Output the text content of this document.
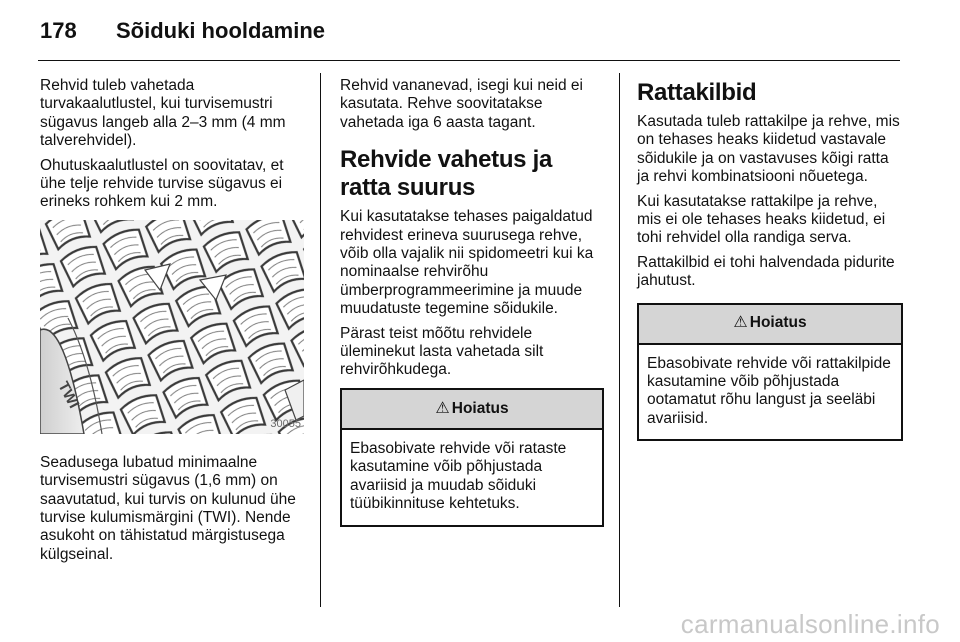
178 Sõiduki hooldamine

Rehvid tuleb vahetada turvakaalutlustel, kui turvisemustri sügavus langeb alla 2–3 mm (4 mm talverehvidel).

Ohutuskaalutlustel on soovitatav, et ühe telje rehvide turvise sügavus ei erineks rohkem kui 2 mm.

TWI
30055

Seadusega lubatud minimaalne turvisemustri sügavus (1,6 mm) on saavutatud, kui turvis on kulunud ühe turvise kulumismärgini (TWI). Nende asukoht on tähistatud märgistusega külgseinal.

Rehvid vananevad, isegi kui neid ei kasutata. Rehve soovitatakse vahetada iga 6 aasta tagant.

Rehvide vahetus ja ratta suurus

Kui kasutatakse tehases paigaldatud rehvidest erineva suurusega rehve, võib olla vajalik nii spidomeetri kui ka nominaalse rehvirõhu ümberprogrammeerimine ja muude muudatuste tegemine sõidukile.

Pärast teist mõõtu rehvidele üleminekut lasta vahetada silt rehvirõhkudega.

⚠ Hoiatus
Ebasobivate rehvide või rataste kasutamine võib põhjustada avariisid ja muudab sõiduki tüübikinnituse kehtetuks.
Rattakilbid

Kasutada tuleb rattakilpe ja rehve, mis on tehases heaks kiidetud vastavale sõidukile ja on vastavuses kõigi ratta ja rehvi kombinatsiooni nõuetega.

Kui kasutatakse rattakilpe ja rehve, mis ei ole tehases heaks kiidetud, ei tohi rehvidel olla randiga serva.

Rattakilbid ei tohi halvendada pidurite jahutust.

⚠ Hoiatus
Ebasobivate rehvide või rattakilpide kasutamine võib põhjustada ootamatut rõhu langust ja seeläbi avariisid.
carmanualsonline.info
